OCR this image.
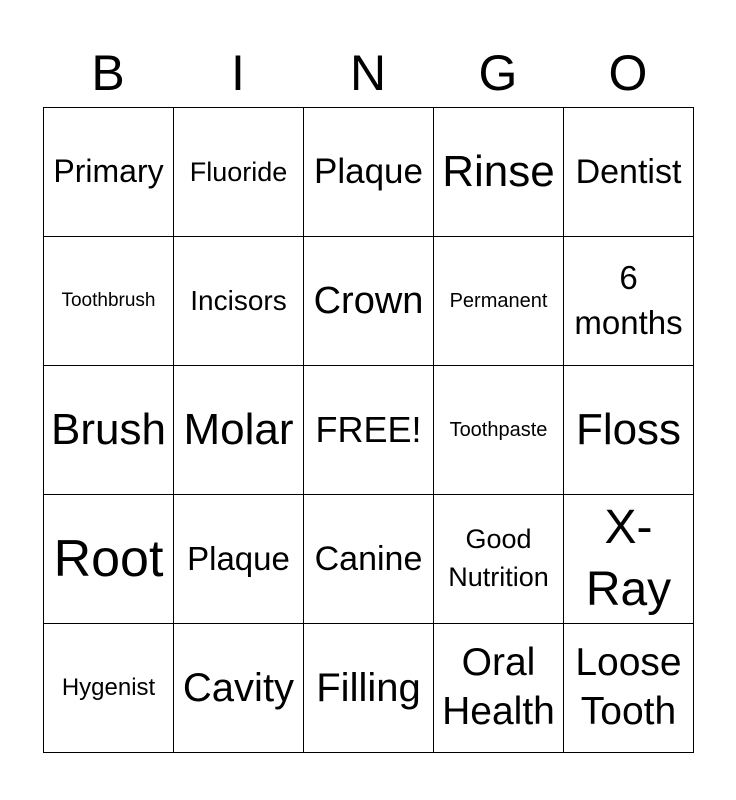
B	I	N	G	O
Primary	Fluoride	Plaque	Rinse	Dentist
Toothbrush	Incisors	Crown	Permanent	6 months
Brush	Molar	FREE!	Toothpaste	Floss
Root	Plaque	Canine	Good Nutrition	X-Ray
Hygenist	Cavity	Filling	Oral Health	Loose Tooth
